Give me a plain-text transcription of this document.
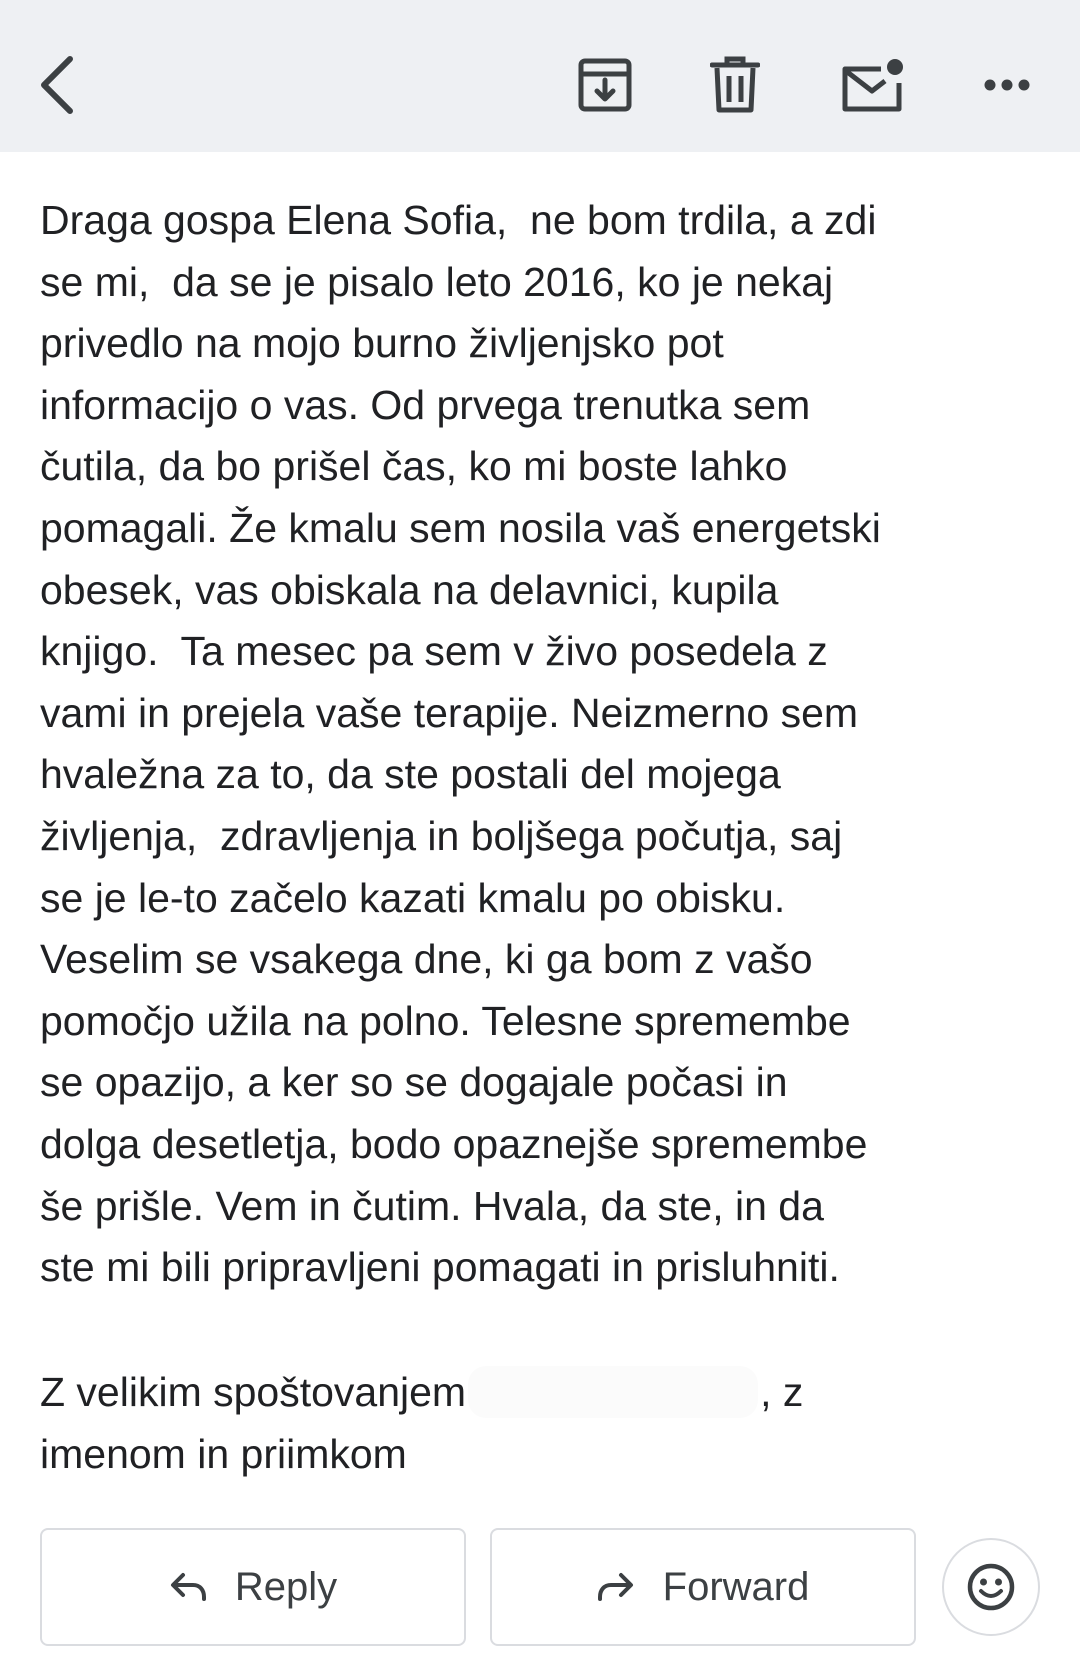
Draga gospa Elena Sofia,  ne bom trdila, a zdi
se mi,  da se je pisalo leto 2016, ko je nekaj
privedlo na mojo burno življenjsko pot
informacijo o vas. Od prvega trenutka sem
čutila, da bo prišel čas, ko mi boste lahko
pomagali. Že kmalu sem nosila vaš energetski
obesek, vas obiskala na delavnici, kupila
knjigo.  Ta mesec pa sem v živo posedela z
vami in prejela vaše terapije. Neizmerno sem
hvaležna za to, da ste postali del mojega
življenja,  zdravljenja in boljšega počutja, saj
se je le-to začelo kazati kmalu po obisku.
Veselim se vsakega dne, ki ga bom z vašo
pomočjo užila na polno. Telesne spremembe
se opazijo, a ker so se dogajale počasi in
dolga desetletja, bodo opaznejše spremembe
še prišle. Vem in čutim. Hvala, da ste, in da
ste mi bili pripravljeni pomagati in prisluhniti.

Z velikim spoštovanjem	, z
imenom in priimkom

Reply	Forward
